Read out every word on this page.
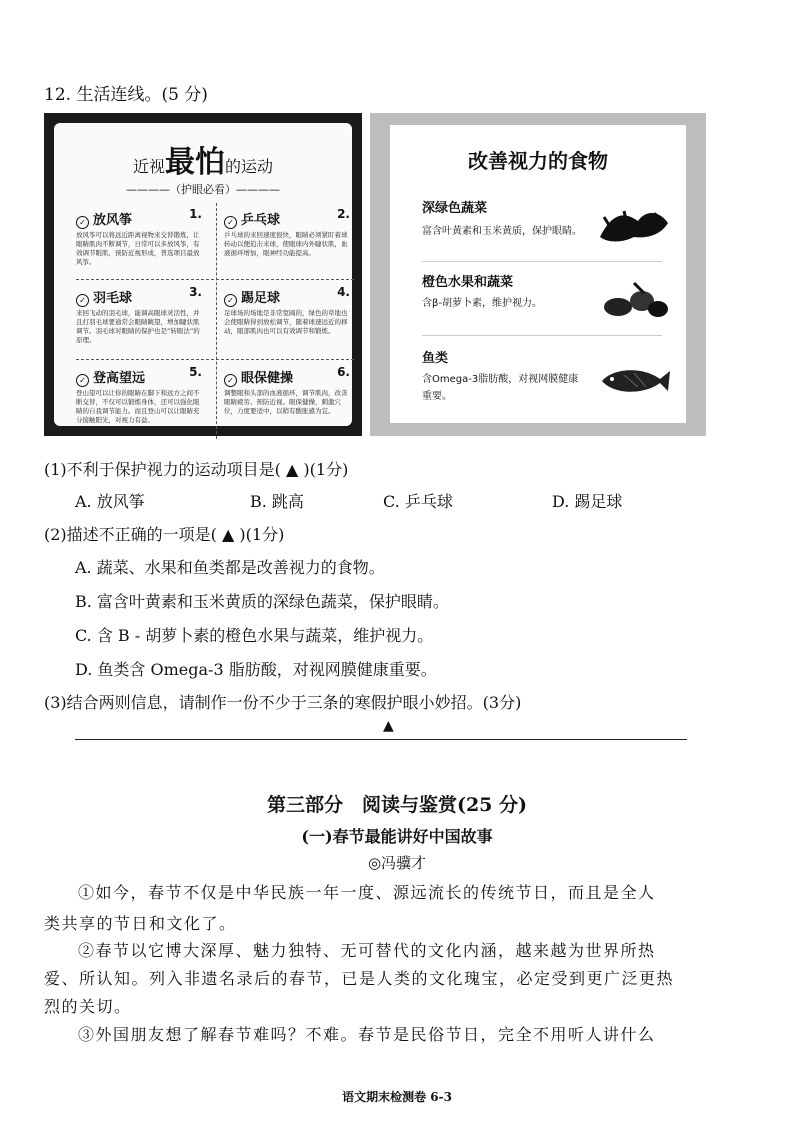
12. 生活连线。(5 分)
近视最怕的运动
————（护眼必看）————
✓ 放风筝	1.
放风筝可以将远近距离视物来交替锻炼，让眼睛肌肉不断调节，日常可以多放风筝，有效调节眼肌，预防近视形成，普选项目最放风筝。
✓ 乒乓球	2.
乒乓球的来回速度很快，眼睛必须紧盯着球转动以便追击来球，使眼球内外睫状肌，血液循环增加，眼神经功能提高。
✓ 羽毛球	3.
来回飞动的羽毛球，能调高眼球灵活性，并且打羽毛球要通常会眼睛眺望，增加睫状肌调节。羽毛球对眼睛的保护也是“转眼法”的原理。
✓ 踢足球	4.
足球场的场地是非常宽阔的，绿色的草地也会使眼睛得到放松调节，随着球速远近的移动，眼部肌肉也可以有效调节和锻炼。
✓ 登高望远	5.
登山望可以让你的眼睛在脚下和远方之间不断交替，不仅可以锻炼身体，还可以强化眼睛的自我调节能力。而且登山可以让眼睛充分接触阳光，对视力有益。
✓ 眼保健操	6.
调整眼和头部的血液循环，调节肌肉，改善眼睛疲劳。预防近视。眼保健操，刺激穴位，力度要适中，以稍有酸胀感为宜。
改善视力的食物
深绿色蔬菜
富含叶黄素和玉米黄质，保护眼睛。
橙色水果和蔬菜
含β-胡萝卜素，维护视力。
鱼类
含Omega-3脂肪酸，对视网膜健康重要。
(1)不利于保护视力的运动项目是( ▲ )(1分)
A. 放风筝	B. 跳高	C. 乒乓球	D. 踢足球
(2)描述不正确的一项是( ▲ )(1分)
A. 蔬菜、水果和鱼类都是改善视力的食物。
B. 富含叶黄素和玉米黄质的深绿色蔬菜，保护眼睛。
C. 含 B - 胡萝卜素的橙色水果与蔬菜，维护视力。
D. 鱼类含 Omega-3 脂肪酸，对视网膜健康重要。
(3)结合两则信息，请制作一份不少于三条的寒假护眼小妙招。(3分)
▲
第三部分　阅读与鉴赏(25 分)
(一)春节最能讲好中国故事
◎冯骥才
①如今，春节不仅是中华民族一年一度、源远流长的传统节日，而且是全人
类共享的节日和文化了。
②春节以它博大深厚、魅力独特、无可替代的文化内涵，越来越为世界所热
爱、所认知。列入非遗名录后的春节，已是人类的文化瑰宝，必定受到更广泛更热
烈的关切。
③外国朋友想了解春节难吗？不难。春节是民俗节日，完全不用听人讲什么
语文期末检测卷 6-3
